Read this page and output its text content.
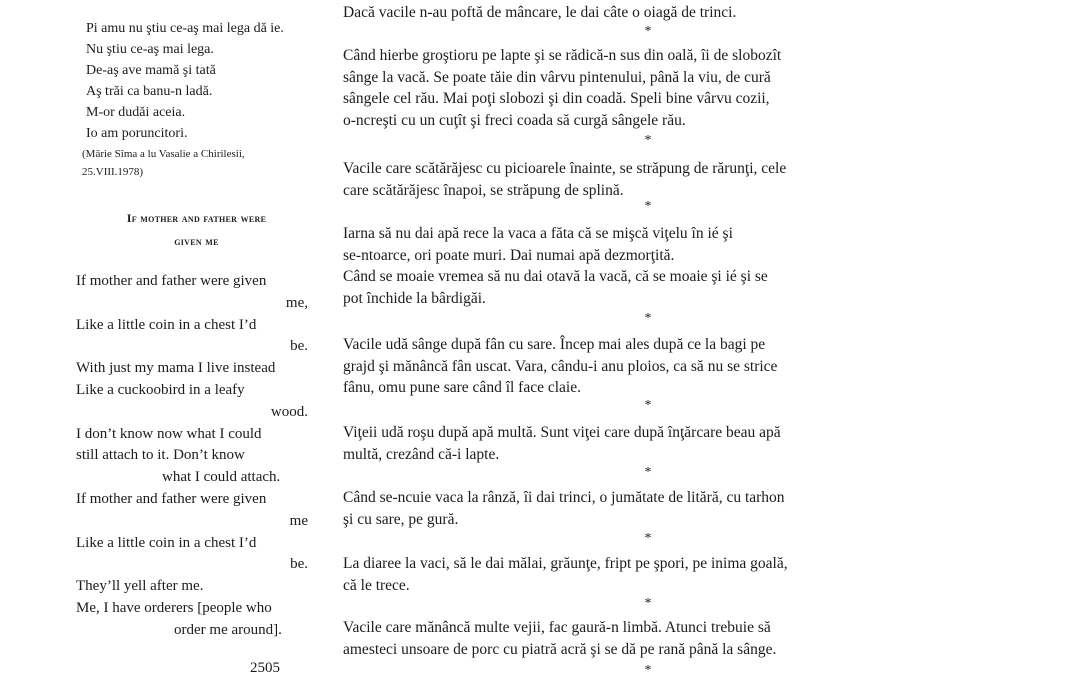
Pi amu nu ştiu ce-aş mai lega dă ie.
Nu ştiu ce-aş mai lega.
De-aş ave mamă şi tată
Aş trăi ca banu-n ladă.
M-or dudăi aceia.
Io am poruncitori.
(Mărie Sîma a lu Vasalie a Chirilesii,
25.VIII.1978)
If mother and father were
given me
If mother and father were given
me,
Like a little coin in a chest I’d
be.
With just my mama I live instead
Like a cuckoobird in a leafy
wood.
I don’t know now what I could
still attach to it. Don’t know
what I could attach.
If mother and father were given
me
Like a little coin in a chest I’d
be.
They’ll yell after me.
Me, I have orderers [people who
order me around].
2505
Dacă vacile n-au poftă de mâncare, le dai câte o oiagă de trinci.
*
Când hierbe groştioru pe lapte şi se rădică-n sus din oală, îi de slobozît
sânge la vacă. Se poate tăie din vârvu pintenului, până la viu, de cură
sângele cel rău. Mai poţi slobozi şi din coadă. Speli bine vârvu cozii,
o-ncreşti cu un cuţît şi freci coada să curgă sângele rău.
*
Vacile care scătărăjesc cu picioarele înainte, se străpung de rărunţi, cele
care scătărăjesc înapoi, se străpung de splină.
*
Iarna să nu dai apă rece la vaca a făta că se mişcă viţelu în ié şi
se-ntoarce, ori poate muri. Dai numai apă dezmorţită.
Când se moaie vremea să nu dai otavă la vacă, că se moaie şi ié şi se
pot închide la bârdigăi.
*
Vacile udă sânge după fân cu sare. Încep mai ales după ce la bagi pe
grajd şi mănâncă fân uscat. Vara, cându-i anu ploios, ca să nu se strice
fânu, omu pune sare când îl face claie.
*
Viţeii udă roşu după apă multă. Sunt viţei care după înţărcare beau apă
multă, crezând că-i lapte.
*
Când se-ncuie vaca la rânză, îi dai trinci, o jumătate de litără, cu tarhon
şi cu sare, pe gură.
*
La diaree la vaci, să le dai mălai, grăunţe, fript pe şpori, pe inima goală,
că le trece.
*
Vacile care mănâncă multe vejii, fac gaură-n limbă. Atunci trebuie să
amesteci unsoare de porc cu piatră acră şi se dă pe rană până la sânge.
*
